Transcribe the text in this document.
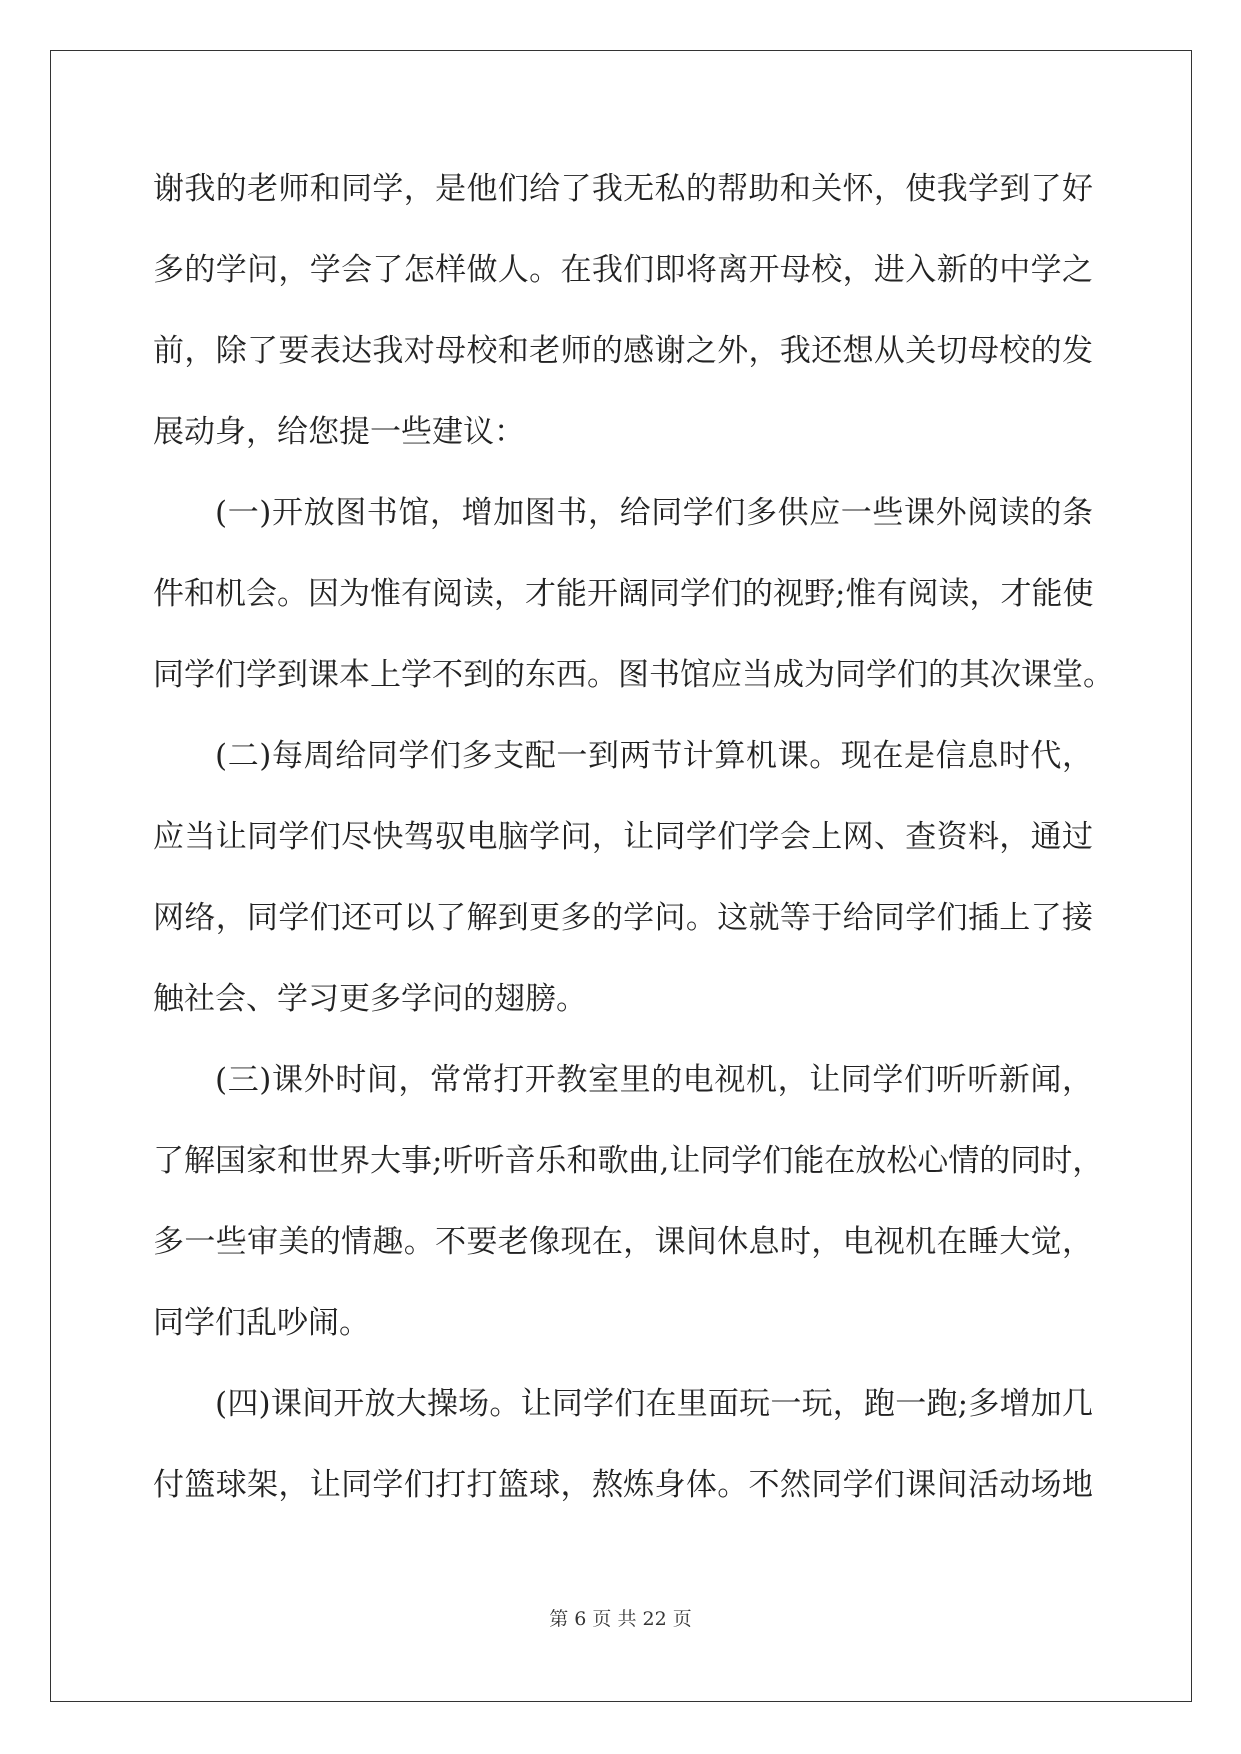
谢我的老师和同学，是他们给了我无私的帮助和关怀，使我学到了好
多的学问，学会了怎样做人。在我们即将离开母校，进入新的中学之
前，除了要表达我对母校和老师的感谢之外，我还想从关切母校的发
展动身，给您提一些建议：
(一)开放图书馆，增加图书，给同学们多供应一些课外阅读的条
件和机会。因为惟有阅读，才能开阔同学们的视野;惟有阅读，才能使
同学们学到课本上学不到的东西。图书馆应当成为同学们的其次课堂。
(二)每周给同学们多支配一到两节计算机课。现在是信息时代，
应当让同学们尽快驾驭电脑学问，让同学们学会上网、查资料，通过
网络，同学们还可以了解到更多的学问。这就等于给同学们插上了接
触社会、学习更多学问的翅膀。
(三)课外时间，常常打开教室里的电视机，让同学们听听新闻，
了解国家和世界大事;听听音乐和歌曲,让同学们能在放松心情的同时，
多一些审美的情趣。不要老像现在，课间休息时，电视机在睡大觉，
同学们乱吵闹。
(四)课间开放大操场。让同学们在里面玩一玩，跑一跑;多增加几
付篮球架，让同学们打打篮球，熬炼身体。不然同学们课间活动场地
第 6 页 共 22 页
